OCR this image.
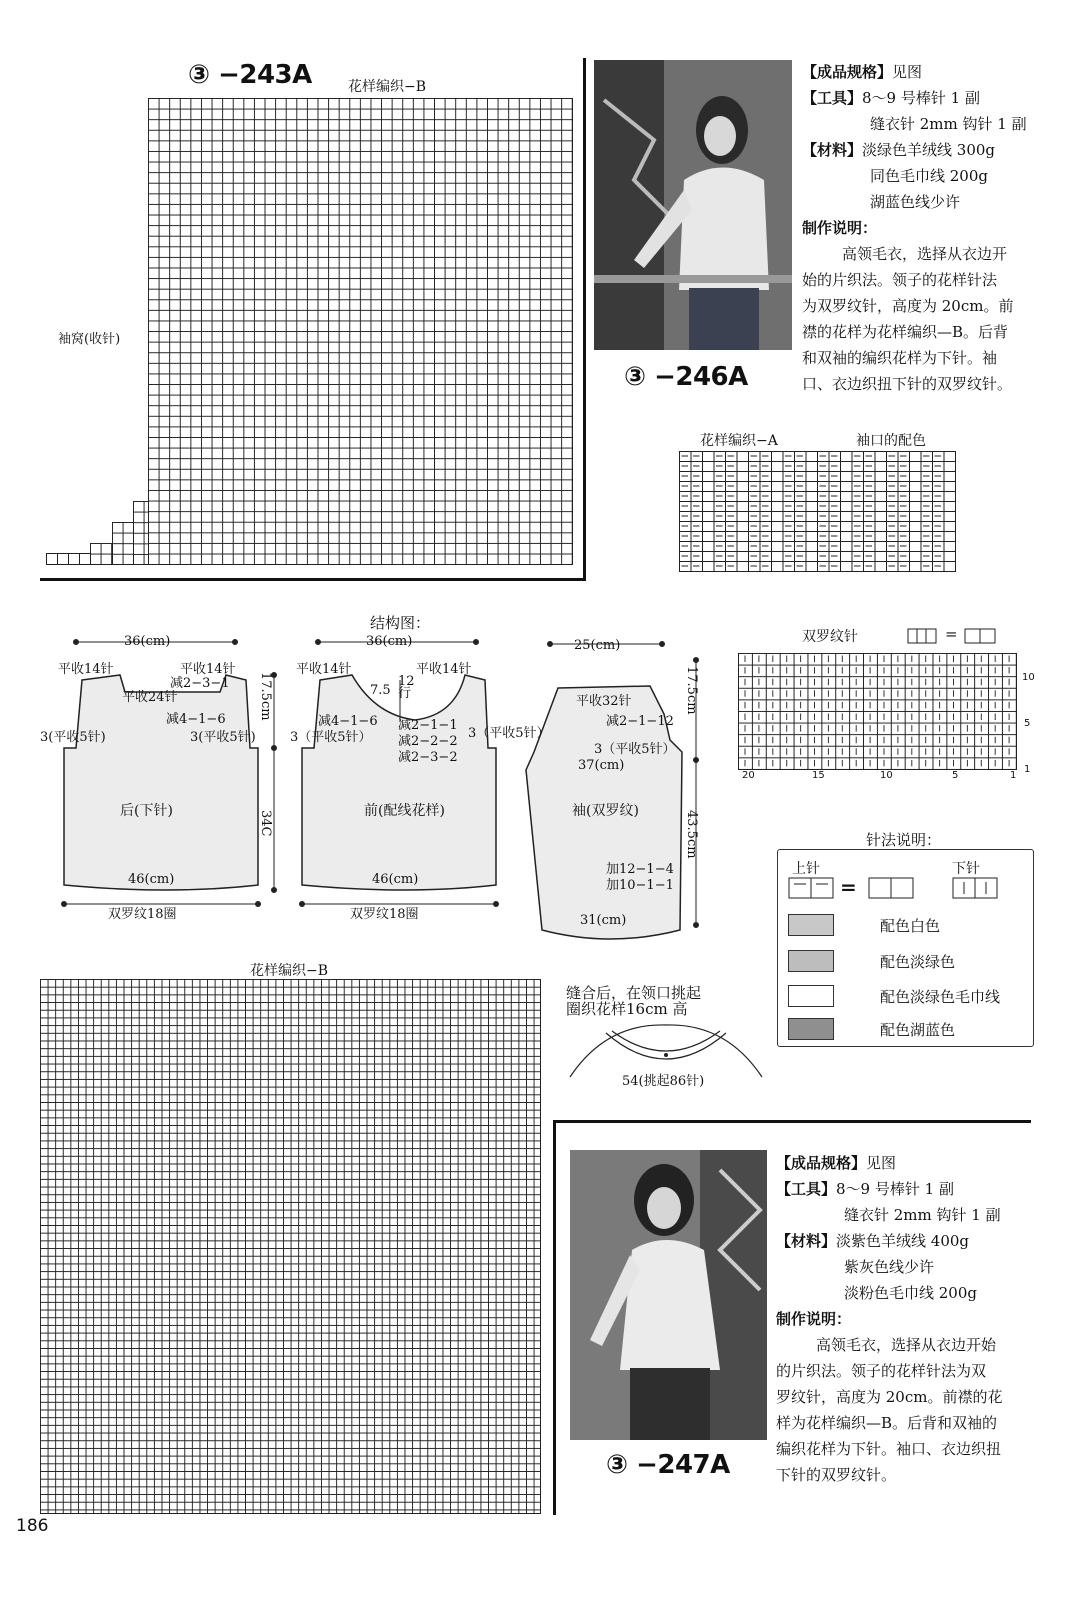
③ −243A	花样编织−B
袖窝(收针)
③ −246A
【成品规格】见图
【工具】8～9 号棒针 1 副
缝衣针 2mm 钩针 1 副
【材料】淡绿色羊绒线 300g
同色毛巾线 200g
湖蓝色线少许
制作说明：
高领毛衣，选择从衣边开
始的片织法。领子的花样针法
为双罗纹针，高度为 20cm。前
襟的花样为花样编织—B。后背
和双袖的编织花样为下针。袖
口、衣边织扭下针的双罗纹针。
花样编织−A	袖口的配色
结构图：
36(cm)
平收14针	平收14针
减2−3−1
平收24针
减4−1−6
3(平收5针)	3(平收5针)
17.5cm
34C
后(下针)
46(cm)
双罗纹18圈
36(cm)
平收14针	平收14针
7.5
12行
减4−1−6 减2−1−1
减2−2−2
减2−3−2
3（平收5针）	3（平收5针）
前(配线花样)
46(cm)
双罗纹18圈
25(cm)
平收32针
减2−1−12
3（平收5针）
37(cm)
17.5cm
43.5cm
袖(双罗纹)
加12−1−4
加10−1−1
31(cm)
双罗纹针	=
10
5
1
20	15	10	5	1
针法说明：
上针	下针
=
配色白色
配色淡绿色
配色淡绿色毛巾线
配色湖蓝色
花样编织−B
缝合后，在领口挑起
圈织花样16cm 高
54(挑起86针)
③ −247A
【成品规格】见图
【工具】8～9 号棒针 1 副
缝衣针 2mm 钩针 1 副
【材料】淡紫色羊绒线 400g
紫灰色线少许
淡粉色毛巾线 200g
制作说明：
高领毛衣，选择从衣边开始
的片织法。领子的花样针法为双
罗纹针，高度为 20cm。前襟的花
样为花样编织—B。后背和双袖的
编织花样为下针。袖口、衣边织扭
下针的双罗纹针。
186
